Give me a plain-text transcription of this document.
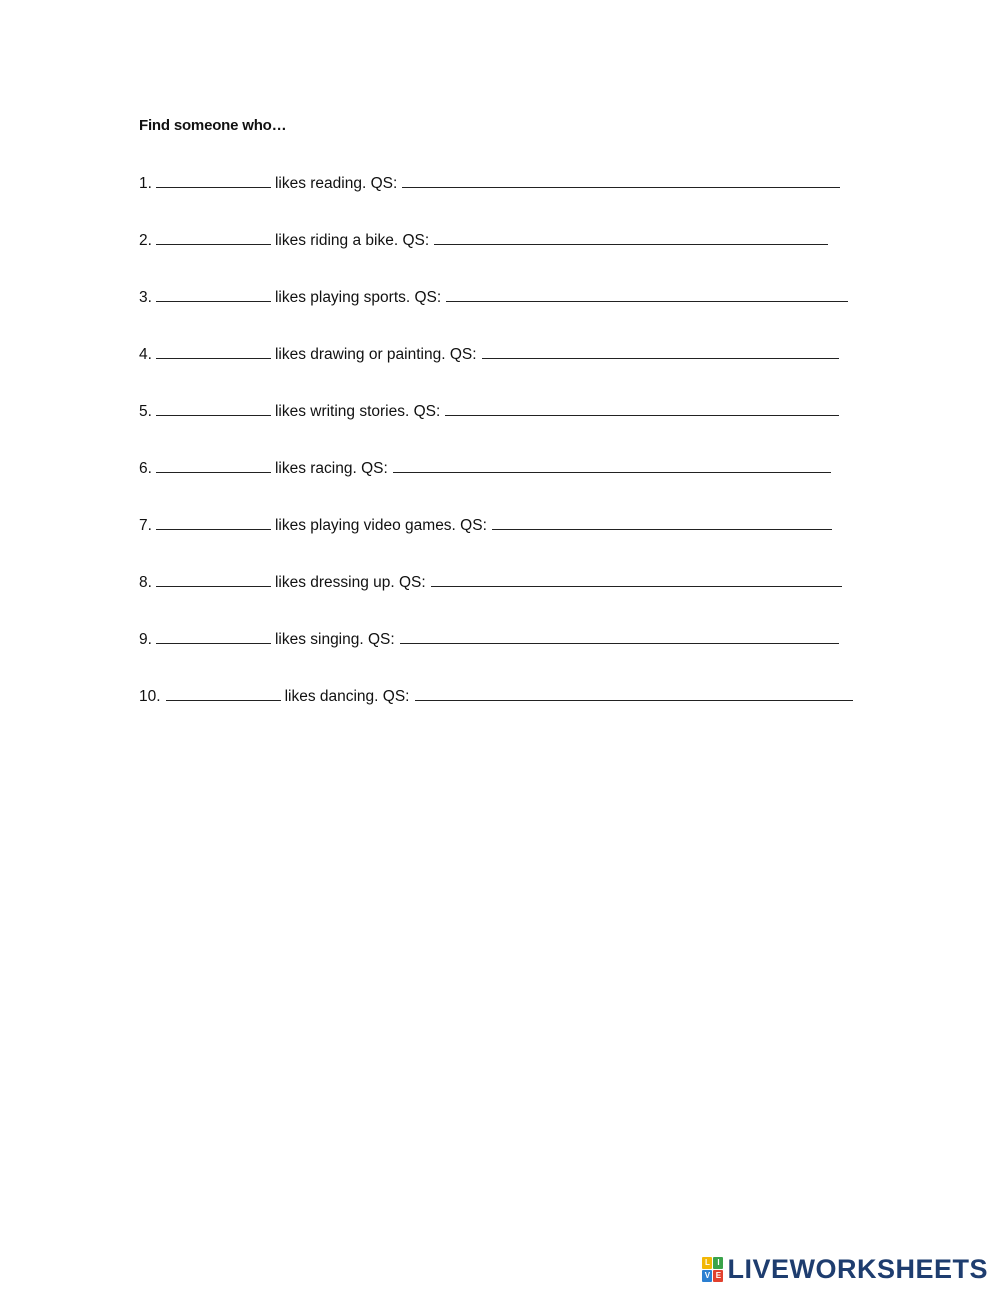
Find someone who…
1.	likes reading. QS:
2.	likes riding a bike. QS:
3.	likes playing sports. QS:
4.	likes drawing or painting. QS:
5.	likes writing stories. QS:
6.	likes racing. QS:
7.	likes playing video games. QS:
8.	likes dressing up. QS:
9.	likes singing. QS:
10.	likes dancing. QS:
L I
V E LIVEWORKSHEETS
